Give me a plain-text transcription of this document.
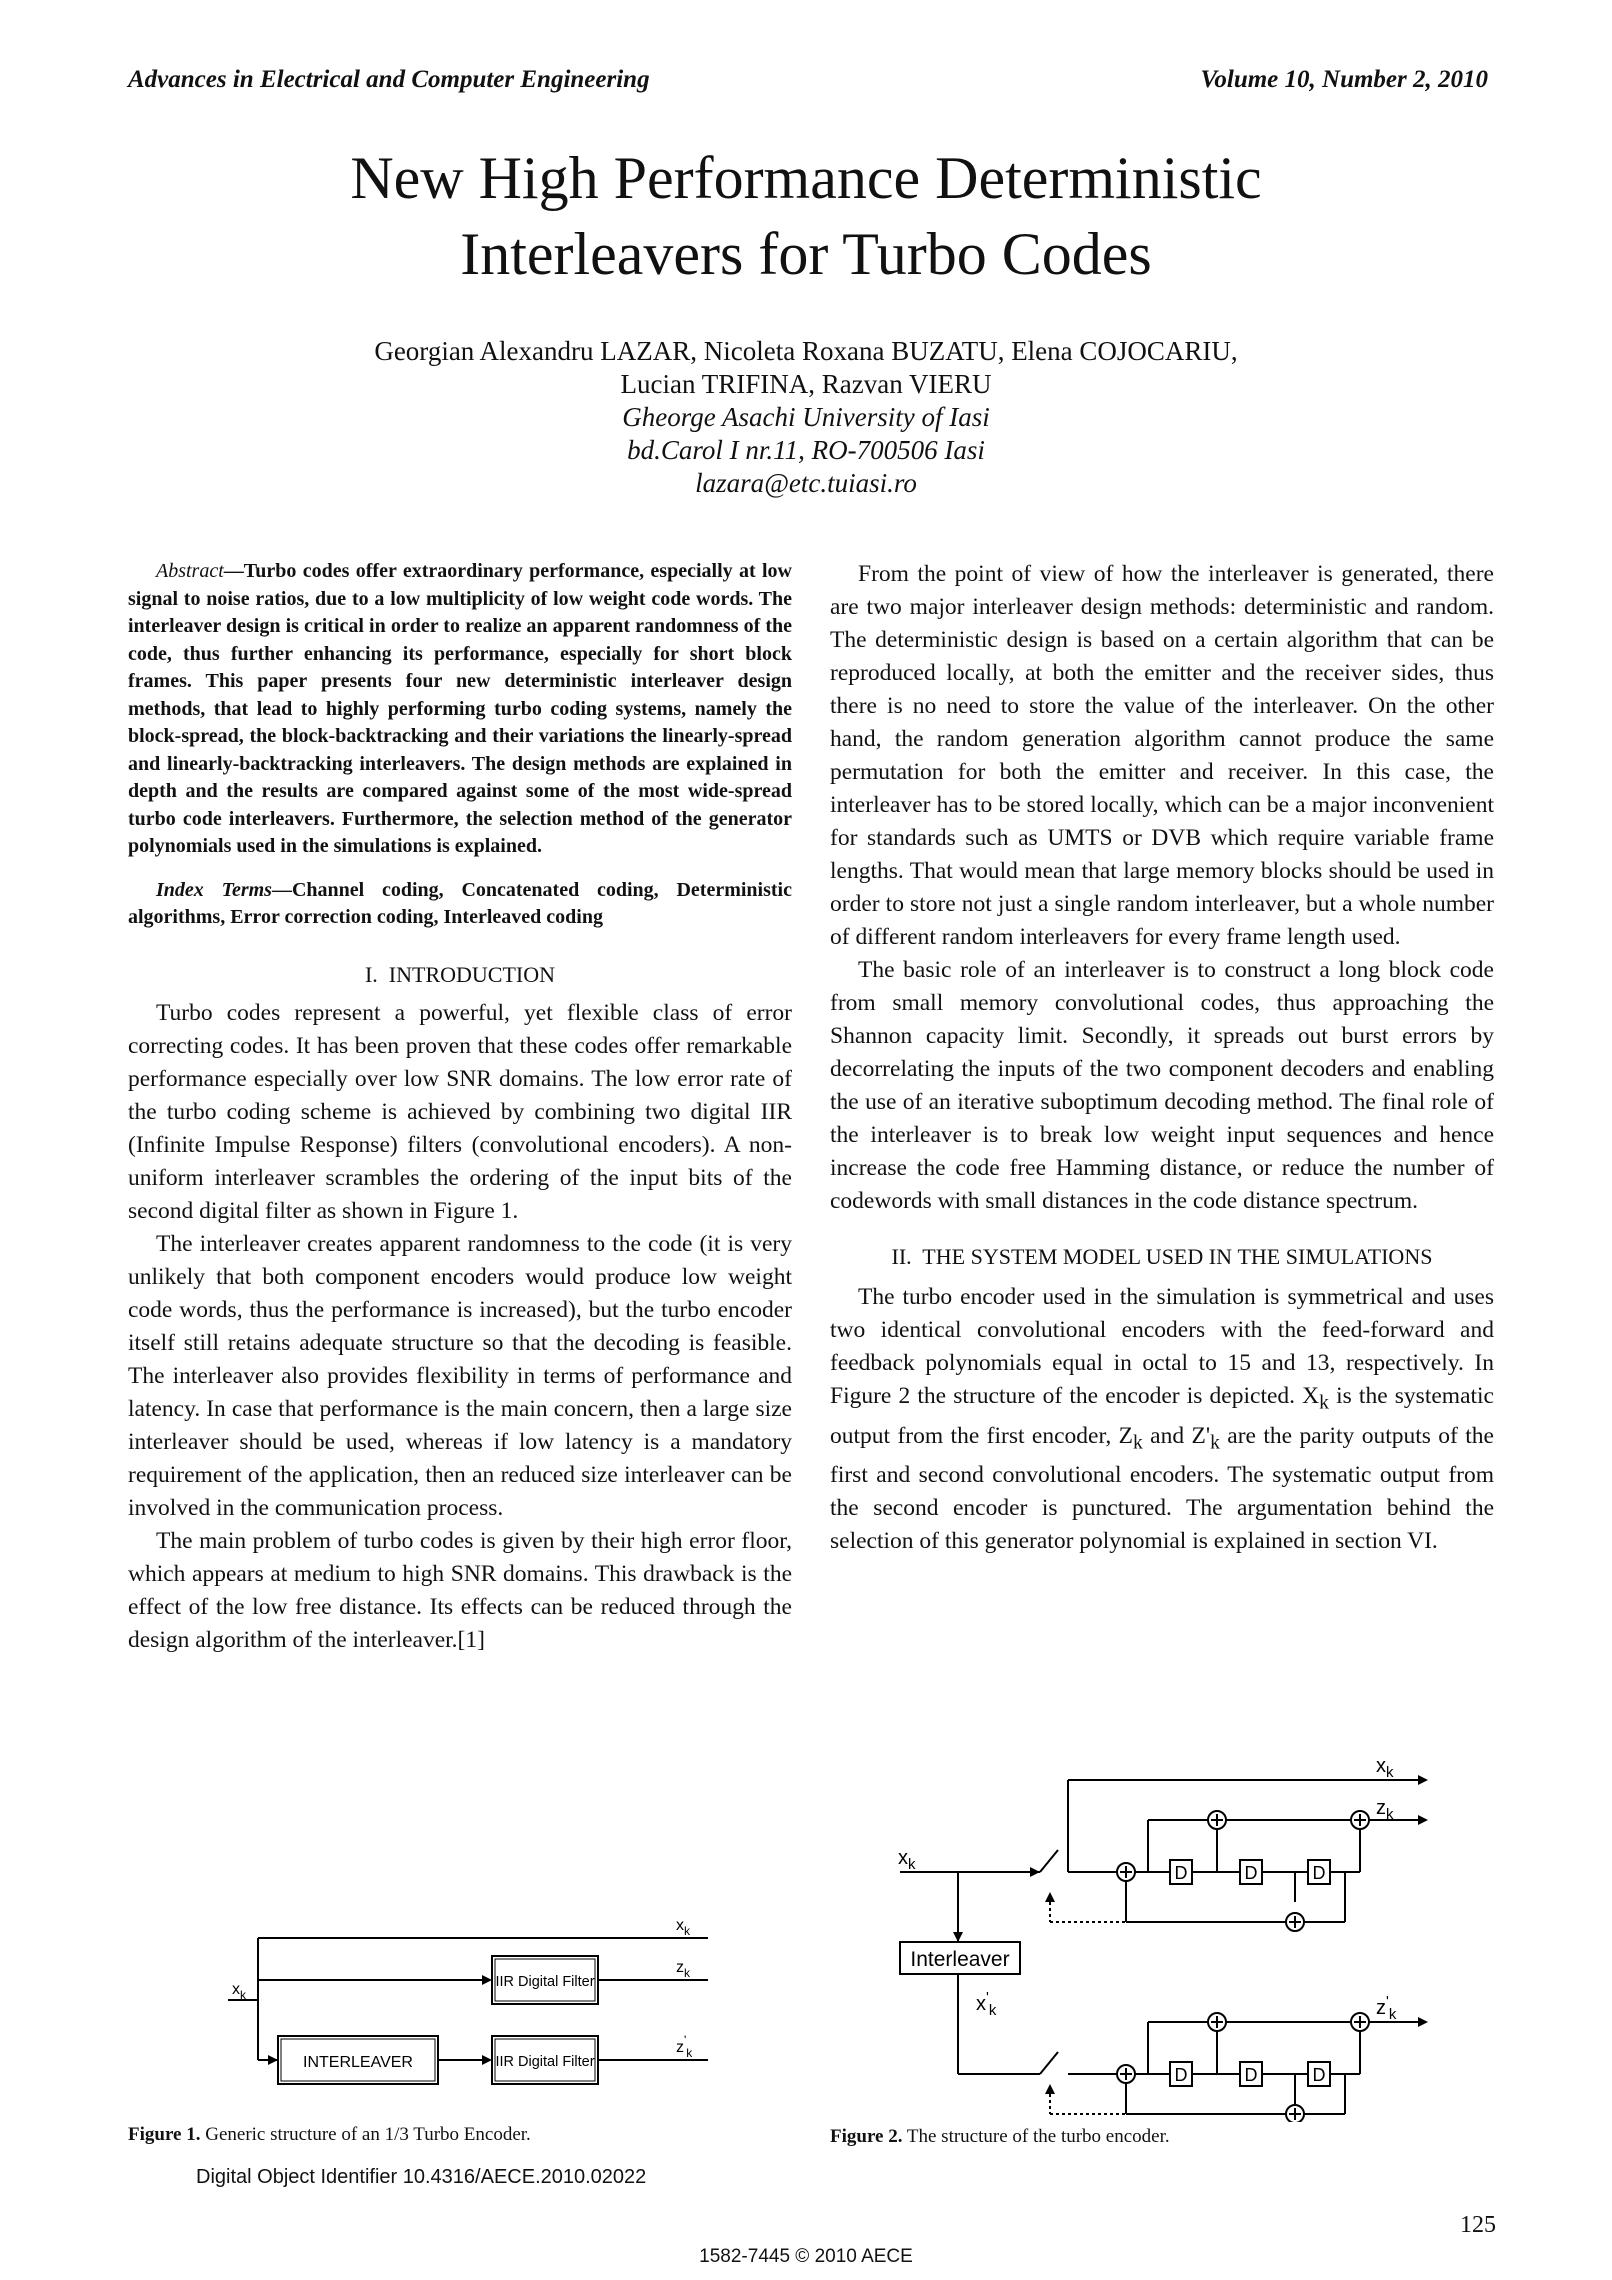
Advances in Electrical and Computer Engineering	Volume 10, Number 2, 2010
New High Performance Deterministic
Interleavers for Turbo Codes
Georgian Alexandru LAZAR, Nicoleta Roxana BUZATU, Elena COJOCARIU,
Lucian TRIFINA, Razvan VIERU
Gheorge Asachi University of Iasi
bd.Carol I nr.11, RO-700506 Iasi
lazara@etc.tuiasi.ro
Abstract—Turbo codes offer extraordinary performance, especially at low signal to noise ratios, due to a low multiplicity of low weight code words. The interleaver design is critical in order to realize an apparent randomness of the code, thus further enhancing its performance, especially for short block frames. This paper presents four new deterministic interleaver design methods, that lead to highly performing turbo coding systems, namely the block-spread, the block-backtracking and their variations the linearly-spread and linearly-backtracking interleavers. The design methods are explained in depth and the results are compared against some of the most wide-spread turbo code interleavers. Furthermore, the selection method of the generator polynomials used in the simulations is explained.
Index Terms—Channel coding, Concatenated coding, Deterministic algorithms, Error correction coding, Interleaved coding
I. INTRODUCTION

Turbo codes represent a powerful, yet flexible class of error correcting codes. It has been proven that these codes offer remarkable performance especially over low SNR domains. The low error rate of the turbo coding scheme is achieved by combining two digital IIR (Infinite Impulse Response) filters (convolutional encoders). A non-uniform interleaver scrambles the ordering of the input bits of the second digital filter as shown in Figure 1.

The interleaver creates apparent randomness to the code (it is very unlikely that both component encoders would produce low weight code words, thus the performance is increased), but the turbo encoder itself still retains adequate structure so that the decoding is feasible. The interleaver also provides flexibility in terms of performance and latency. In case that performance is the main concern, then a large size interleaver should be used, whereas if low latency is a mandatory requirement of the application, then an reduced size interleaver can be involved in the communication process.

The main problem of turbo codes is given by their high error floor, which appears at medium to high SNR domains. This drawback is the effect of the low free distance. Its effects can be reduced through the design algorithm of the interleaver.[1]

INTERLEAVER
IIR Digital Filter
IIR Digital Filter
$x_k$
$x_k$
$z_k$
$z'_k$
Figure 1. Generic structure of an 1/3 Turbo Encoder.

From the point of view of how the interleaver is generated, there are two major interleaver design methods: deterministic and random. The deterministic design is based on a certain algorithm that can be reproduced locally, at both the emitter and the receiver sides, thus there is no need to store the value of the interleaver. On the other hand, the random generation algorithm cannot produce the same permutation for both the emitter and receiver. In this case, the interleaver has to be stored locally, which can be a major inconvenient for standards such as UMTS or DVB which require variable frame lengths. That would mean that large memory blocks should be used in order to store not just a single random interleaver, but a whole number of different random interleavers for every frame length used.

The basic role of an interleaver is to construct a long block code from small memory convolutional codes, thus approaching the Shannon capacity limit. Secondly, it spreads out burst errors by decorrelating the inputs of the two component decoders and enabling the use of an iterative suboptimum decoding method. The final role of the interleaver is to break low weight input sequences and hence increase the code free Hamming distance, or reduce the number of codewords with small distances in the code distance spectrum.

II. THE SYSTEM MODEL USED IN THE SIMULATIONS

The turbo encoder used in the simulation is symmetrical and uses two identical convolutional encoders with the feed-forward and feedback polynomials equal in octal to 15 and 13, respectively. In Figure 2 the structure of the encoder is depicted. $X_k$ is the systematic output from the first encoder, $Z_k$ and $Z'_k$ are the parity outputs of the first and second convolutional encoders. The systematic output from the second encoder is punctured. The argumentation behind the selection of this generator polynomial is explained in section VI.

Interleaver
D	D	D
D	D	D
$x_k$
$x'_k$
$x_k$
$z_k$
$z'_k$
Figure 2. The structure of the turbo encoder.
Digital Object Identifier 10.4316/AECE.2010.02022
125
1582-7445 © 2010 AECE
